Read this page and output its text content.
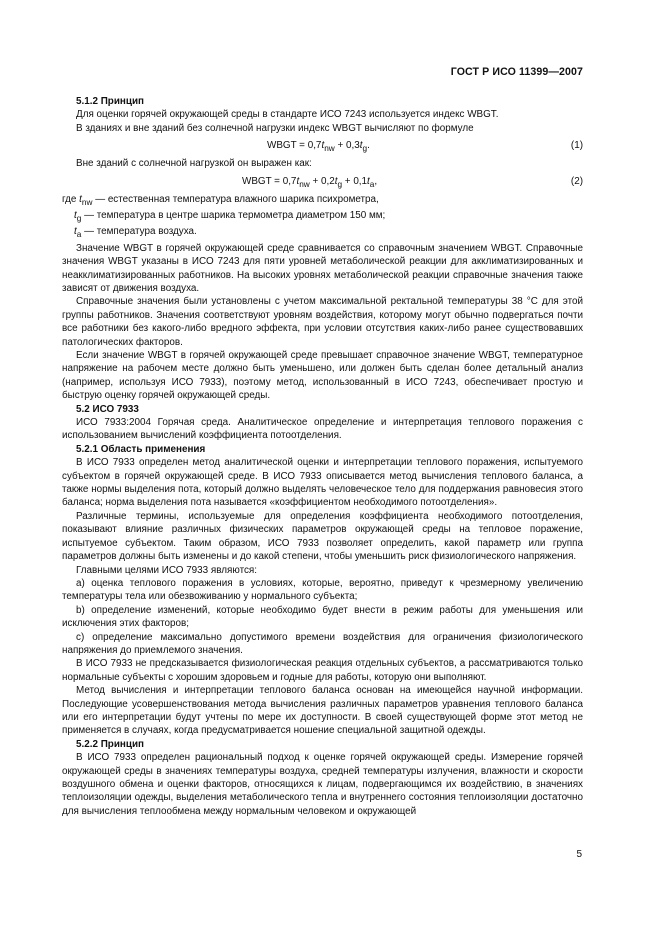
ГОСТ Р ИСО 11399—2007

5.1.2 Принцип

Для оценки горячей окружающей среды в стандарте ИСО 7243 используется индекс WBGT.

В зданиях и вне зданий без солнечной нагрузки индекс WBGT вычисляют по формуле

WBGT = $0,7t_{nw} + 0,3t_g$.	(1)

Вне зданий с солнечной нагрузкой он выражен как:

WBGT = $0,7t_{nw} + 0,2t_g + 0,1t_a$,	(2)
где $t_{nw}$ — естественная температура влажного шарика психрометра,
$t_g$ — температура в центре шарика термометра диаметром 150 мм;
$t_a$ — температура воздуха.

Значение WBGT в горячей окружающей среде сравнивается со справочным значением WBGT. Справочные значения WBGT указаны в ИСО 7243 для пяти уровней метаболической реакции для акклиматизированных и неакклиматизированных работников. На высоких уровнях метаболической реакции справочные значения также зависят от движения воздуха.

Справочные значения были установлены с учетом максимальной ректальной температуры 38 °С для этой группы работников. Значения соответствуют уровням воздействия, которому могут обычно подвергаться почти все работники без какого-либо вредного эффекта, при условии отсутствия каких-либо ранее существовавших патологических факторов.

Если значение WBGT в горячей окружающей среде превышает справочное значение WBGT, температурное напряжение на рабочем месте должно быть уменьшено, или должен быть сделан более детальный анализ (например, используя ИСО 7933), поэтому метод, использованный в ИСО 7243, обеспечивает простую и быструю оценку горячей окружающей среды.

5.2 ИСО 7933

ИСО 7933:2004 Горячая среда. Аналитическое определение и интерпретация теплового поражения с использованием вычислений коэффициента потоотделения.

5.2.1 Область применения

В ИСО 7933 определен метод аналитической оценки и интерпретации теплового поражения, испытуемого субъектом в горячей окружающей среде. В ИСО 7933 описывается метод вычисления теплового баланса, а также нормы выделения пота, который должно выделять человеческое тело для поддержания равновесия этого баланса; норма выделения пота называется «коэффициентом необходимого потоотделения».

Различные термины, используемые для определения коэффициента необходимого потоотделения, показывают влияние различных физических параметров окружающей среды на тепловое поражение, испытуемое субъектом. Таким образом, ИСО 7933 позволяет определить, какой параметр или группа параметров должны быть изменены и до какой степени, чтобы уменьшить риск физиологического напряжения.

Главными целями ИСО 7933 являются:

а) оценка теплового поражения в условиях, которые, вероятно, приведут к чрезмерному увеличению температуры тела или обезвоживанию у нормального субъекта;

b) определение изменений, которые необходимо будет внести в режим работы для уменьшения или исключения этих факторов;

c) определение максимально допустимого времени воздействия для ограничения физиологического напряжения до приемлемого значения.

В ИСО 7933 не предсказывается физиологическая реакция отдельных субъектов, а рассматриваются только нормальные субъекты с хорошим здоровьем и годные для работы, которую они выполняют.

Метод вычисления и интерпретации теплового баланса основан на имеющейся научной информации. Последующие усовершенствования метода вычисления различных параметров уравнения теплового баланса или его интерпретации будут учтены по мере их доступности. В своей существующей форме этот метод не применяется в случаях, когда предусматривается ношение специальной защитной одежды.

5.2.2 Принцип

В ИСО 7933 определен рациональный подход к оценке горячей окружающей среды. Измерение горячей окружающей среды в значениях температуры воздуха, средней температуры излучения, влажности и скорости воздушного обмена и оценки факторов, относящихся к лицам, подвергающимся их воздействию, в значениях теплоизоляции одежды, выделения метаболического тепла и внутреннего состояния теплоизоляции достаточно для вычисления теплообмена между нормальным человеком и окружающей

5
